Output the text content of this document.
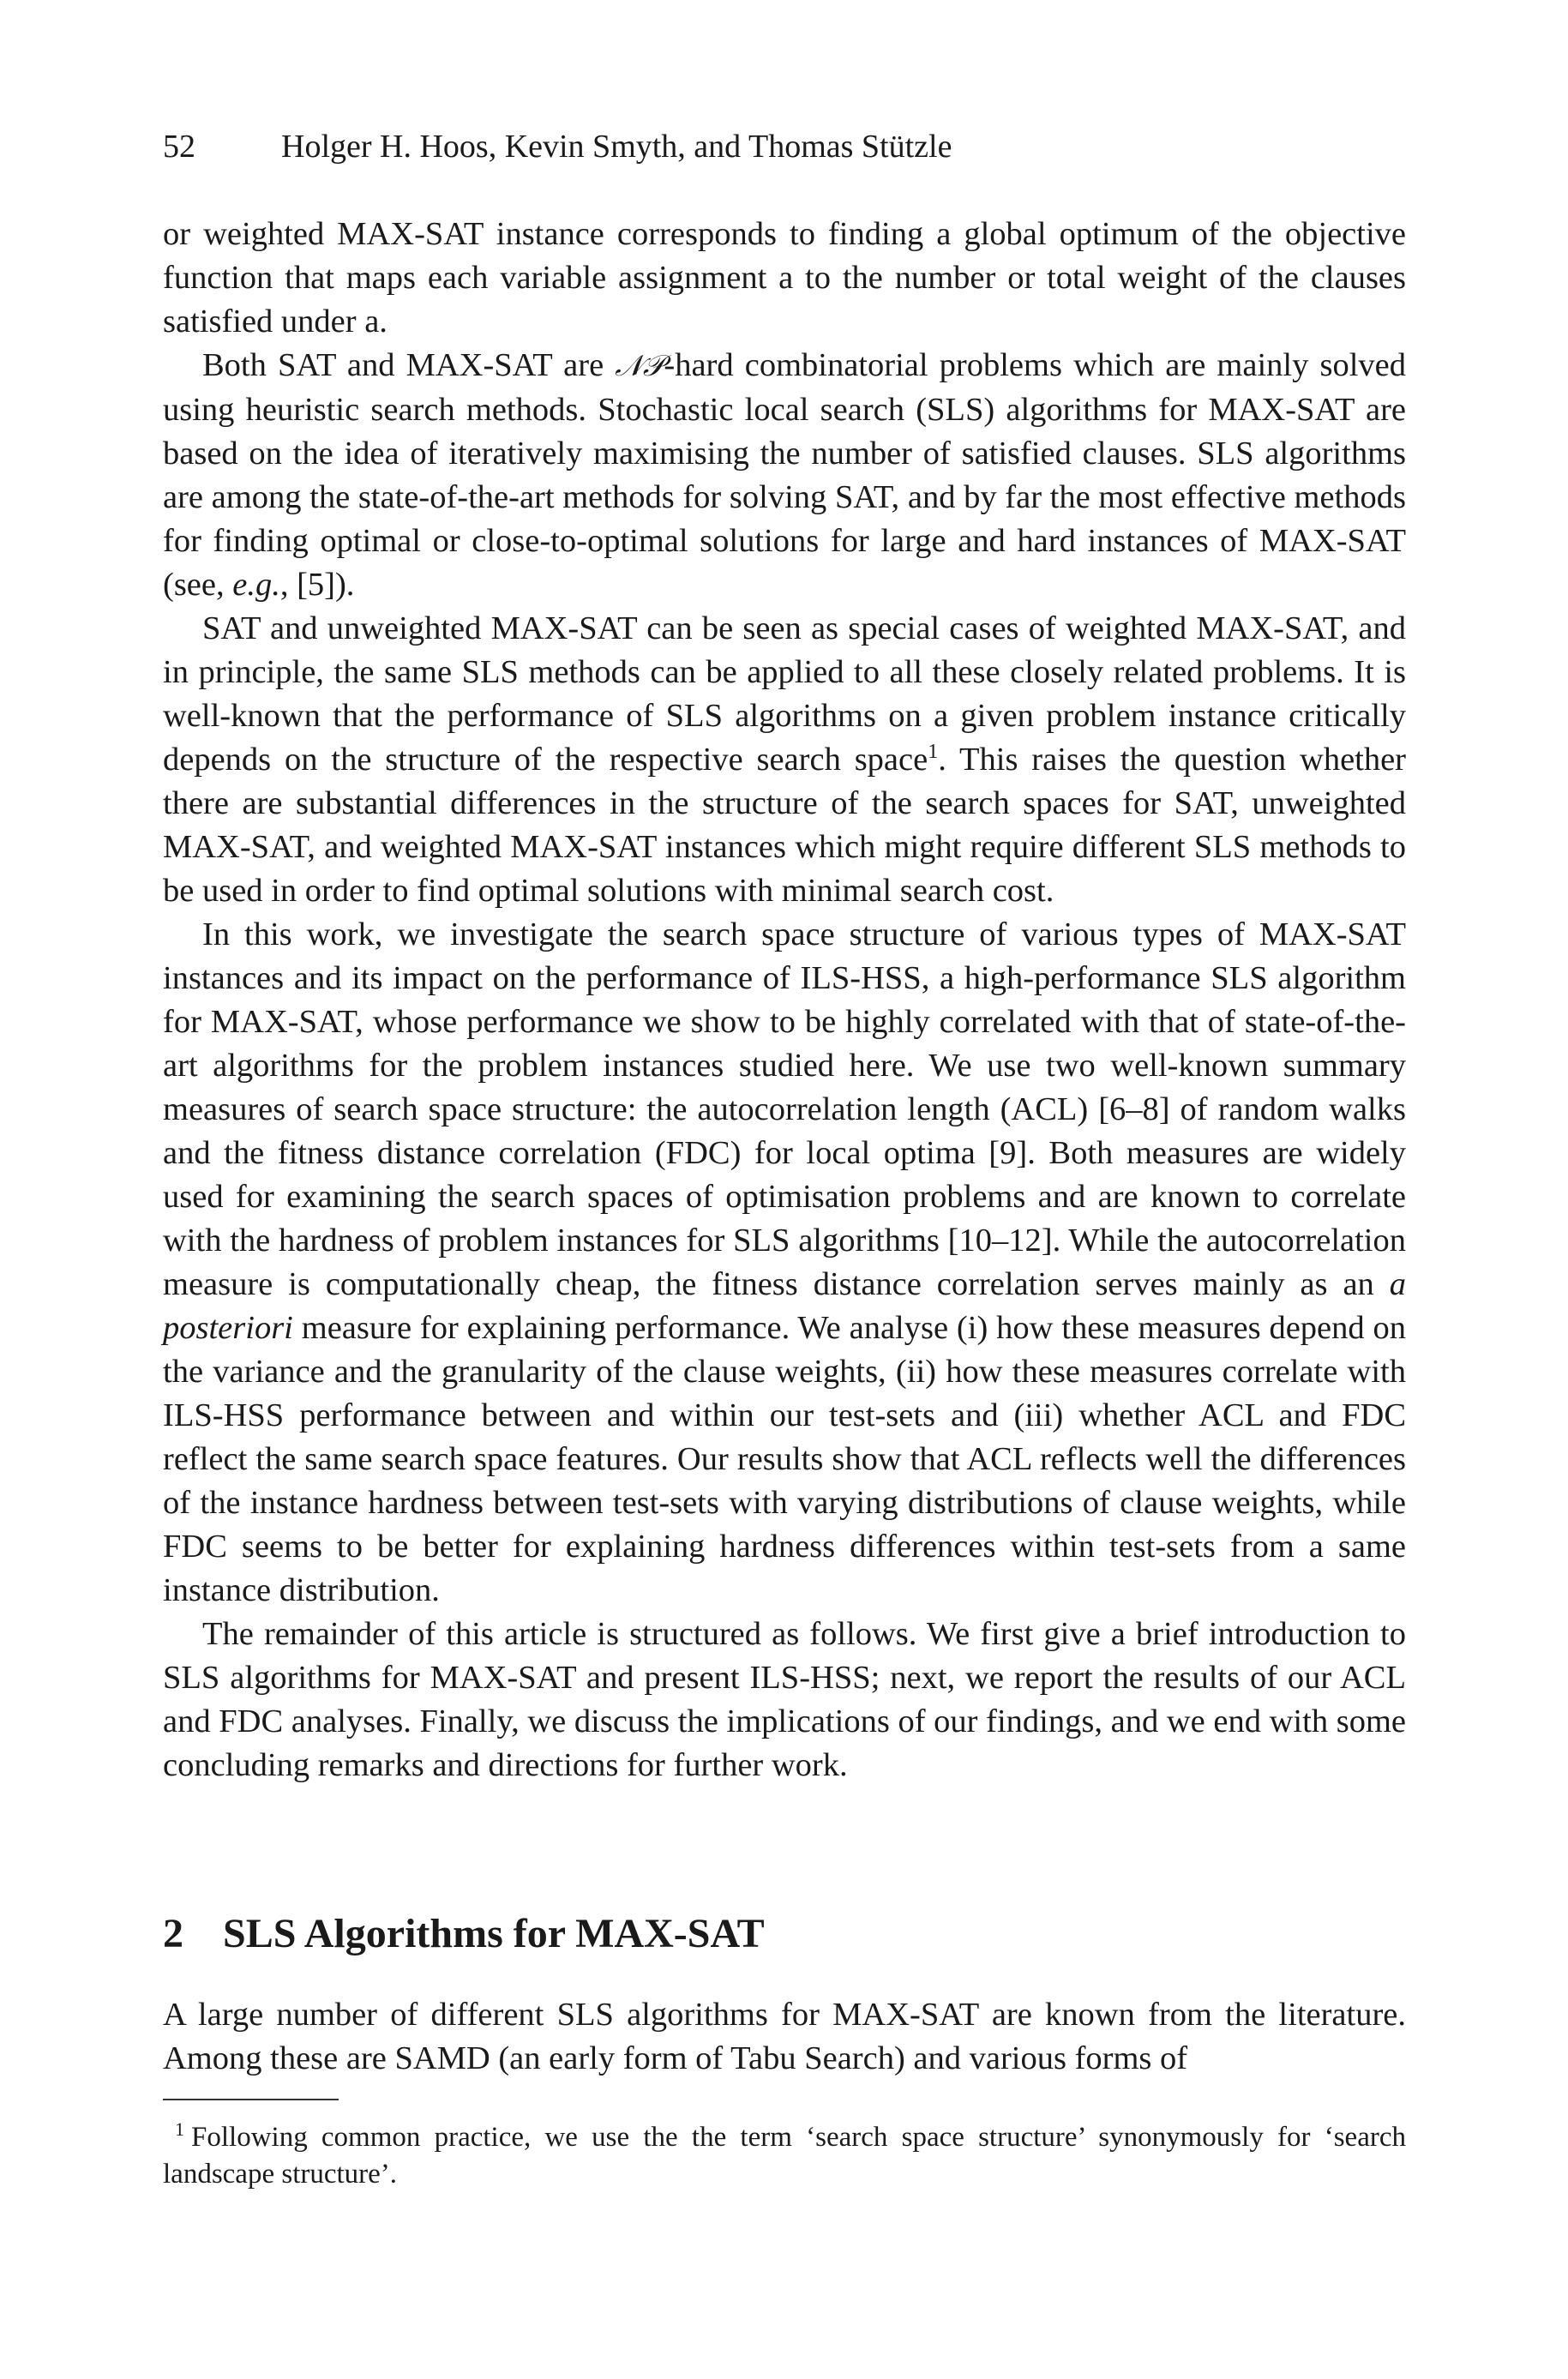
52	Holger H. Hoos, Kevin Smyth, and Thomas Stützle

or weighted MAX-SAT instance corresponds to finding a global optimum of the objective function that maps each variable assignment a to the number or total weight of the clauses satisfied under a.

Both SAT and MAX-SAT are 𝒩𝒫-hard combinatorial problems which are mainly solved using heuristic search methods. Stochastic local search (SLS) algorithms for MAX-SAT are based on the idea of iteratively maximising the number of satisfied clauses. SLS algorithms are among the state-of-the-art methods for solving SAT, and by far the most effective methods for finding optimal or close-to-optimal solutions for large and hard instances of MAX-SAT (see, e.g., [5]).

SAT and unweighted MAX-SAT can be seen as special cases of weighted MAX-SAT, and in principle, the same SLS methods can be applied to all these closely related problems. It is well-known that the performance of SLS algorithms on a given problem instance critically depends on the structure of the respective search space$^1$. This raises the question whether there are substantial differences in the structure of the search spaces for SAT, unweighted MAX-SAT, and weighted MAX-SAT instances which might require different SLS methods to be used in order to find optimal solutions with minimal search cost.

In this work, we investigate the search space structure of various types of MAX-SAT instances and its impact on the performance of ILS-HSS, a high-performance SLS algorithm for MAX-SAT, whose performance we show to be highly correlated with that of state-of-the-art algorithms for the problem instances studied here. We use two well-known summary measures of search space structure: the autocorrelation length (ACL) [6–8] of random walks and the fitness distance correlation (FDC) for local optima [9]. Both measures are widely used for examining the search spaces of optimisation problems and are known to correlate with the hardness of problem instances for SLS algorithms [10–12]. While the autocorrelation measure is computationally cheap, the fitness distance correlation serves mainly as an a posteriori measure for explaining performance. We analyse (i) how these measures depend on the variance and the granularity of the clause weights, (ii) how these measures correlate with ILS-HSS performance between and within our test-sets and (iii) whether ACL and FDC reflect the same search space features. Our results show that ACL reflects well the differences of the instance hardness between test-sets with varying distributions of clause weights, while FDC seems to be better for explaining hardness differences within test-sets from a same instance distribution.

The remainder of this article is structured as follows. We first give a brief introduction to SLS algorithms for MAX-SAT and present ILS-HSS; next, we report the results of our ACL and FDC analyses. Finally, we discuss the implications of our findings, and we end with some concluding remarks and directions for further work.

2 SLS Algorithms for MAX-SAT

A large number of different SLS algorithms for MAX-SAT are known from the literature. Among these are SAMD (an early form of Tabu Search) and various forms of

$^1$ Following common practice, we use the the term ‘search space structure’ synonymously for ‘search landscape structure’.
